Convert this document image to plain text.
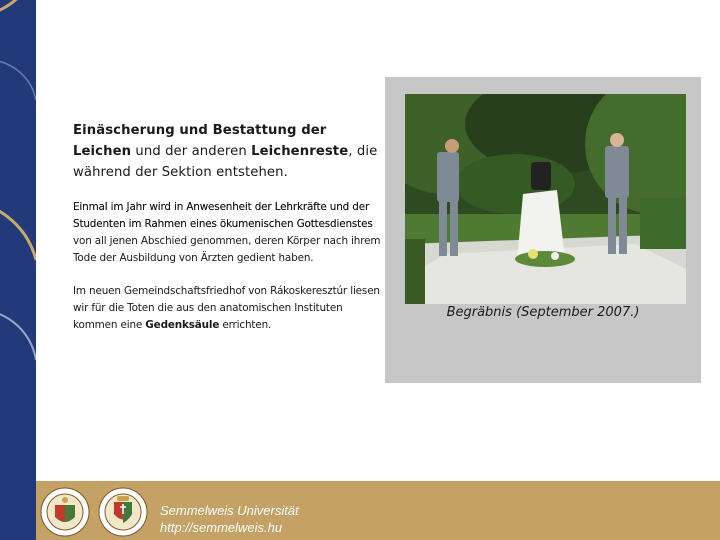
Einäscherung und Bestattung der Leichen und der anderen Leichenreste, die während der Sektion entstehen.
Einmal im Jahr wird in Anwesenheit der Lehrkräfte und der Studenten im Rahmen eines ökumenischen Gottesdienstes von all jenen Abschied genommen, deren Körper nach ihrem Tode der Ausbildung von Ärzten gedient haben.
Im neuen Gemeindschaftsfriedhof von Rákoskeresztúr liesen wir für die Toten die aus den anatomischen Instituten kommen eine Gedenksäule errichten.
Begräbnis (September 2007.)
Semmelweis Universität
http://semmelweis.hu
